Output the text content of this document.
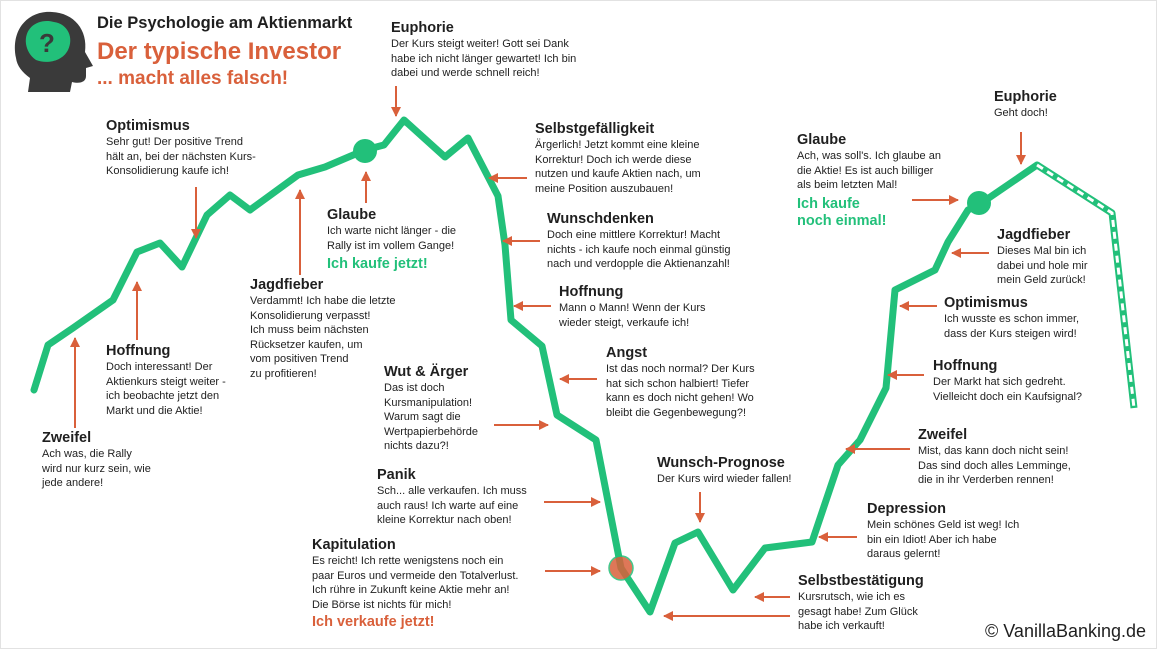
?
Die Psychologie am Aktienmarkt
Der typische Investor
... macht alles falsch!
Zweifel
Ach was, die Rally
wird nur kurz sein, wie
jede andere!
Hoffnung
Doch interessant! Der
Aktienkurs steigt weiter -
ich beobachte jetzt den
Markt und die Aktie!
Optimismus
Sehr gut! Der positive Trend
hält an, bei der nächsten Kurs-
Konsolidierung kaufe ich!
Jagdfieber
Verdammt! Ich habe die letzte
Konsolidierung verpasst!
Ich muss beim nächsten
Rücksetzer kaufen, um
vom positiven Trend
zu profitieren!
Glaube
Ich warte nicht länger - die
Rally ist im vollem Gange!
Ich kaufe jetzt!
Euphorie
Der Kurs steigt weiter! Gott sei Dank
habe ich nicht länger gewartet! Ich bin
dabei und werde schnell reich!
Selbstgefälligkeit
Ärgerlich! Jetzt kommt eine kleine
Korrektur! Doch ich werde diese
nutzen und kaufe Aktien nach, um
meine Position auszubauen!
Wunschdenken
Doch eine mittlere Korrektur! Macht
nichts - ich kaufe noch einmal günstig
nach und verdopple die Aktienanzahl!
Hoffnung
Mann o Mann! Wenn der Kurs
wieder steigt, verkaufe ich!
Angst
Ist das noch normal? Der Kurs
hat sich schon halbiert! Tiefer
kann es doch nicht gehen! Wo
bleibt die Gegenbewegung?!
Wut & Ärger
Das ist doch
Kursmanipulation!
Warum sagt die
Wertpapierbehörde
nichts dazu?!
Panik
Sch... alle verkaufen. Ich muss
auch raus! Ich warte auf eine
kleine Korrektur nach oben!
Kapitulation
Es reicht! Ich rette wenigstens noch ein
paar Euros und vermeide den Totalverlust.
Ich rühre in Zukunft keine Aktie mehr an!
Die Börse ist nichts für mich!
Ich verkaufe jetzt!
Wunsch-Prognose
Der Kurs wird wieder fallen!
Selbstbestätigung
Kursrutsch, wie ich es
gesagt habe! Zum Glück
habe ich verkauft!
Depression
Mein schönes Geld ist weg! Ich
bin ein Idiot! Aber ich habe
daraus gelernt!
Zweifel
Mist, das kann doch nicht sein!
Das sind doch alles Lemminge,
die in ihr Verderben rennen!
Hoffnung
Der Markt hat sich gedreht.
Vielleicht doch ein Kaufsignal?
Optimismus
Ich wusste es schon immer,
dass der Kurs steigen wird!
Jagdfieber
Dieses Mal bin ich
dabei und hole mir
mein Geld zurück!
Glaube
Ach, was soll's. Ich glaube an
die Aktie! Es ist auch billiger
als beim letzten Mal!
Ich kaufe
noch einmal!
Euphorie
Geht doch!
© VanillaBanking.de
